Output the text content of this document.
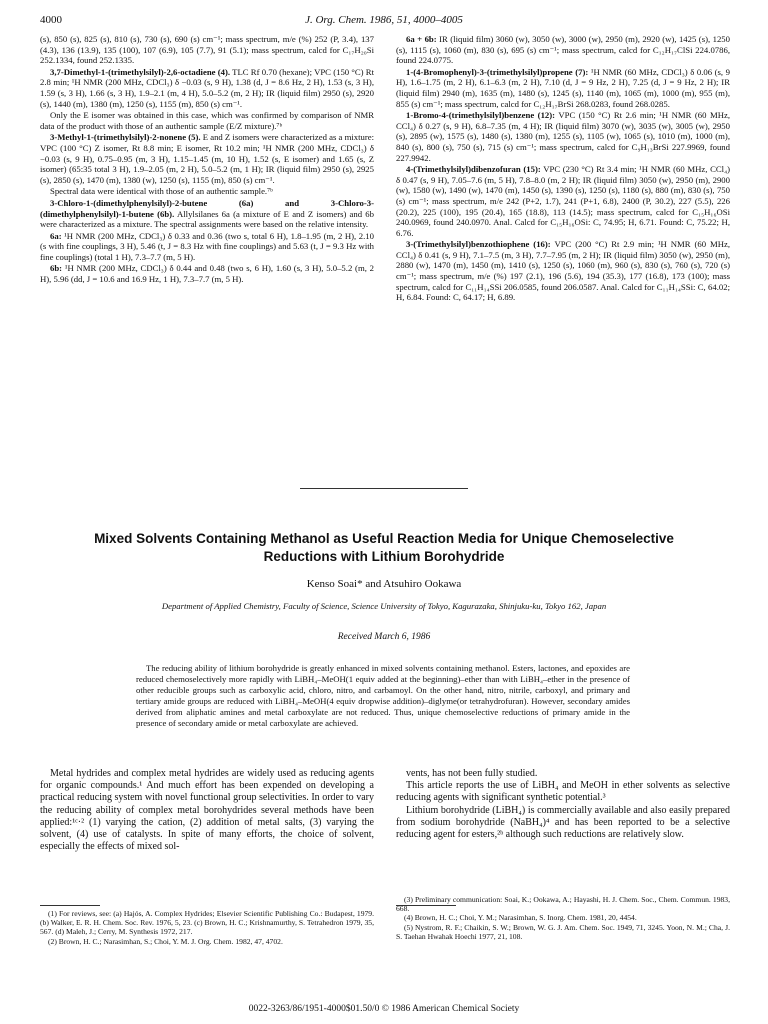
4000	J. Org. Chem. 1986, 51, 4000–4005

(s), 850 (s), 825 (s), 810 (s), 730 (s), 690 (s) cm⁻¹; mass spectrum, m/e (%) 252 (P, 3.4), 137 (4.3), 136 (13.9), 135 (100), 107 (6.9), 105 (7.7), 91 (5.1); mass spectrum, calcd for C₁₇H₂₀Si 252.1334, found 252.1335.

3,7-Dimethyl-1-(trimethylsilyl)-2,6-octadiene (4). TLC Rf 0.70 (hexane); VPC (150 °C) Rt 2.8 min; ¹H NMR (200 MHz, CDCl₃) δ −0.03 (s, 9 H), 1.38 (d, J = 8.6 Hz, 2 H), 1.53 (s, 3 H), 1.59 (s, 3 H), 1.66 (s, 3 H), 1.9–2.1 (m, 4 H), 5.0–5.2 (m, 2 H); IR (liquid film) 2950 (s), 2920 (s), 1440 (m), 1380 (m), 1250 (s), 1155 (m), 850 (s) cm⁻¹.

Only the E isomer was obtained in this case, which was confirmed by comparison of NMR data of the product with those of an authentic sample (E/Z mixture).⁷ᵇ

3-Methyl-1-(trimethylsilyl)-2-nonene (5). E and Z isomers were characterized as a mixture: VPC (100 °C) Z isomer, Rt 8.8 min; E isomer, Rt 10.2 min; ¹H NMR (200 MHz, CDCl₃) δ −0.03 (s, 9 H), 0.75–0.95 (m, 3 H), 1.15–1.45 (m, 10 H), 1.52 (s, E isomer) and 1.65 (s, Z isomer) (65:35 total 3 H), 1.9–2.05 (m, 2 H), 5.0–5.2 (m, 1 H); IR (liquid film) 2950 (s), 2925 (s), 2850 (s), 1470 (m), 1380 (w), 1250 (s), 1155 (m), 850 (s) cm⁻¹.

Spectral data were identical with those of an authentic sample.⁷ᵇ

3-Chloro-1-(dimethylphenylsilyl)-2-butene (6a) and 3-Chloro-3-(dimethylphenylsilyl)-1-butene (6b). Allylsilanes 6a (a mixture of E and Z isomers) and 6b were characterized as a mixture. The spectral assignments were based on the relative intensity.

6a: ¹H NMR (200 MHz, CDCl₃) δ 0.33 and 0.36 (two s, total 6 H), 1.8–1.95 (m, 2 H), 2.10 (s with fine couplings, 3 H), 5.46 (t, J = 8.3 Hz with fine couplings) and 5.63 (t, J = 9.3 Hz with fine couplings) (total 1 H), 7.3–7.7 (m, 5 H).

6b: ¹H NMR (200 MHz, CDCl₃) δ 0.44 and 0.48 (two s, 6 H), 1.60 (s, 3 H), 5.0–5.2 (m, 2 H), 5.96 (dd, J = 10.6 and 16.9 Hz, 1 H), 7.3–7.7 (m, 5 H).

6a + 6b: IR (liquid film) 3060 (w), 3050 (w), 3000 (w), 2950 (m), 2920 (w), 1425 (s), 1250 (s), 1115 (s), 1060 (m), 830 (s), 695 (s) cm⁻¹; mass spectrum, calcd for C₁₂H₁₇ClSi 224.0786, found 224.0775.

1-(4-Bromophenyl)-3-(trimethylsilyl)propene (7): ¹H NMR (60 MHz, CDCl₃) δ 0.06 (s, 9 H), 1.6–1.75 (m, 2 H), 6.1–6.3 (m, 2 H), 7.10 (d, J = 9 Hz, 2 H), 7.25 (d, J = 9 Hz, 2 H); IR (liquid film) 2940 (m), 1635 (m), 1480 (s), 1245 (s), 1140 (m), 1065 (m), 1000 (m), 955 (m), 855 (s) cm⁻¹; mass spectrum, calcd for C₁₂H₁₇BrSi 268.0283, found 268.0285.

1-Bromo-4-(trimethylsilyl)benzene (12): VPC (150 °C) Rt 2.6 min; ¹H NMR (60 MHz, CCl₄) δ 0.27 (s, 9 H), 6.8–7.35 (m, 4 H); IR (liquid film) 3070 (w), 3035 (w), 3005 (w), 2950 (s), 2895 (w), 1575 (s), 1480 (s), 1380 (m), 1255 (s), 1105 (w), 1065 (s), 1010 (m), 1000 (m), 840 (s), 800 (s), 750 (s), 715 (s) cm⁻¹; mass spectrum, calcd for C₉H₁₃BrSi 227.9969, found 227.9942.

4-(Trimethylsilyl)dibenzofuran (15): VPC (230 °C) Rt 3.4 min; ¹H NMR (60 MHz, CCl₄) δ 0.47 (s, 9 H), 7.05–7.6 (m, 5 H), 7.8–8.0 (m, 2 H); IR (liquid film) 3050 (w), 2950 (m), 2900 (w), 1580 (w), 1490 (w), 1470 (m), 1450 (s), 1390 (s), 1250 (s), 1180 (s), 880 (m), 830 (s), 750 (s) cm⁻¹; mass spectrum, m/e 242 (P+2, 1.7), 241 (P+1, 6.8), 2400 (P, 30.2), 227 (5.5), 226 (20.2), 225 (100), 195 (20.4), 165 (18.8), 113 (14.5); mass spectrum, calcd for C₁₅H₁₆OSi 240.0969, found 240.0970. Anal. Calcd for C₁₅H₁₆OSi: C, 74.95; H, 6.71. Found: C, 75.22; H, 6.76.

3-(Trimethylsilyl)benzothiophene (16): VPC (200 °C) Rt 2.9 min; ¹H NMR (60 MHz, CCl₄) δ 0.41 (s, 9 H), 7.1–7.5 (m, 3 H), 7.7–7.95 (m, 2 H); IR (liquid film) 3050 (w), 2950 (m), 2880 (w), 1470 (m), 1450 (m), 1410 (s), 1250 (s), 1060 (m), 960 (s), 830 (s), 760 (s), 720 (s) cm⁻¹; mass spectrum, m/e (%) 197 (2.1), 196 (5.6), 194 (35.3), 177 (16.8), 173 (100); mass spectrum, calcd for C₁₁H₁₄SSi 206.0585, found 206.0587. Anal. Calcd for C₁₁H₁₄SSi: C, 64.02; H, 6.84. Found: C, 64.17; H, 6.89.

Mixed Solvents Containing Methanol as Useful Reaction Media for Unique Chemoselective Reductions with Lithium Borohydride
Kenso Soai* and Atsuhiro Ookawa
Department of Applied Chemistry, Faculty of Science, Science University of Tokyo, Kagurazaka, Shinjuku-ku, Tokyo 162, Japan
Received March 6, 1986
The reducing ability of lithium borohydride is greatly enhanced in mixed solvents containing methanol. Esters, lactones, and epoxides are reduced chemoselectively more rapidly with LiBH₄–MeOH(1 equiv added at the beginning)–ether than with LiBH₄–ether in the presence of other reducible groups such as carboxylic acid, chloro, nitro, and carbamoyl. On the other hand, nitro, nitrile, carboxyl, and primary and tertiary amide groups are reduced with LiBH₄–MeOH(4 equiv dropwise addition)–diglyme(or tetrahydrofuran). However, secondary amides derived from aliphatic amines and metal carboxylate are not reduced. Thus, unique chemoselective reductions of primary amide in the presence of secondary amide or metal carboxylate are achieved.

Metal hydrides and complex metal hydrides are widely used as reducing agents for organic compounds.¹ And much effort has been expended on developing a practical reducing system with novel functional group selectivities. In order to vary the reducing ability of complex metal borohydrides several methods have been applied:¹ᶜ·² (1) varying the cation, (2) addition of metal salts, (3) varying the solvent, (4) use of catalysts. In spite of many efforts, the choice of solvent, especially the effects of mixed sol-

vents, has not been fully studied.

This article reports the use of LiBH₄ and MeOH in ether solvents as selective reducing agents with significant synthetic potential.³

Lithium borohydride (LiBH₄) is commercially available and also easily prepared from sodium borohydride (NaBH₄)⁴ and has been reported to be a selective reducing agent for esters,²ᵇ although such reductions are relatively slow.

(1) For reviews, see: (a) Hajós, A. Complex Hydrides; Elsevier Scientific Publishing Co.: Budapest, 1979. (b) Walker, E. R. H. Chem. Soc. Rev. 1976, 5, 23. (c) Brown, H. C.; Krishnamurthy, S. Tetrahedron 1979, 35, 567. (d) Maleh, J.; Cerry, M. Synthesis 1972, 217.

(2) Brown, H. C.; Narasimhan, S.; Choi, Y. M. J. Org. Chem. 1982, 47, 4702.

(3) Preliminary communication: Soai, K.; Ookawa, A.; Hayashi, H. J. Chem. Soc., Chem. Commun. 1983, 668.

(4) Brown, H. C.; Choi, Y. M.; Narasimhan, S. Inorg. Chem. 1981, 20, 4454.

(5) Nystrom, R. F.; Chaikin, S. W.; Brown, W. G. J. Am. Chem. Soc. 1949, 71, 3245. Yoon, N. M.; Cha, J. S. Taehan Hwahak Hoechi 1977, 21, 108.

0022-3263/86/1951-4000$01.50/0 © 1986 American Chemical Society
